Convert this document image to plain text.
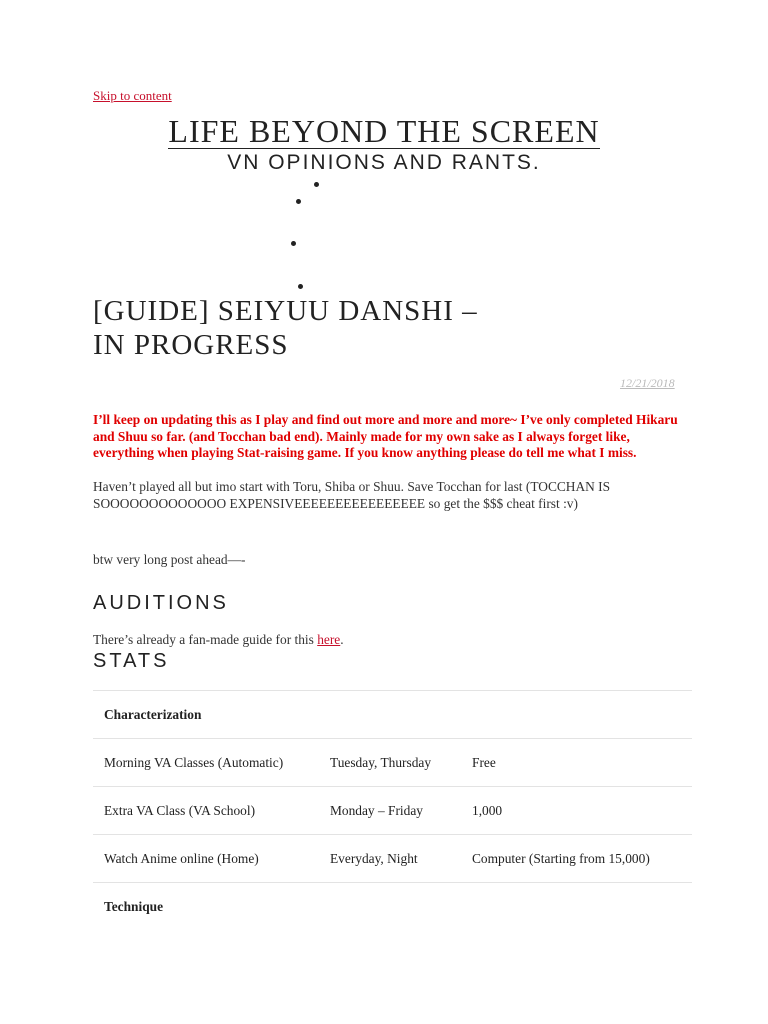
Skip to content
LIFE BEYOND THE SCREEN
VN OPINIONS AND RANTS.
[GUIDE] SEIYUU DANSHI –
IN PROGRESS
12/21/2018
I’ll keep on updating this as I play and find out more and more and more~ I’ve only completed Hikaru and Shuu so far. (and Tocchan bad end). Mainly made for my own sake as I always forget like, everything when playing Stat-raising game. If you know anything please do tell me what I miss.
Haven’t played all but imo start with Toru, Shiba or Shuu. Save Tocchan for last (TOCCHAN IS SOOOOOOOOOOOOO EXPENSIVEEEEEEEEEEEEEEEE so get the $$$ cheat first :v)
btw very long post ahead—-
AUDITIONS
There’s already a fan-made guide for this here.
STATS
Characterization		
Morning VA Classes (Automatic)	Tuesday, Thursday	Free
Extra VA Class (VA School)	Monday – Friday	1,000
Watch Anime online (Home)	Everyday, Night	Computer (Starting from 15,000)
Technique		
